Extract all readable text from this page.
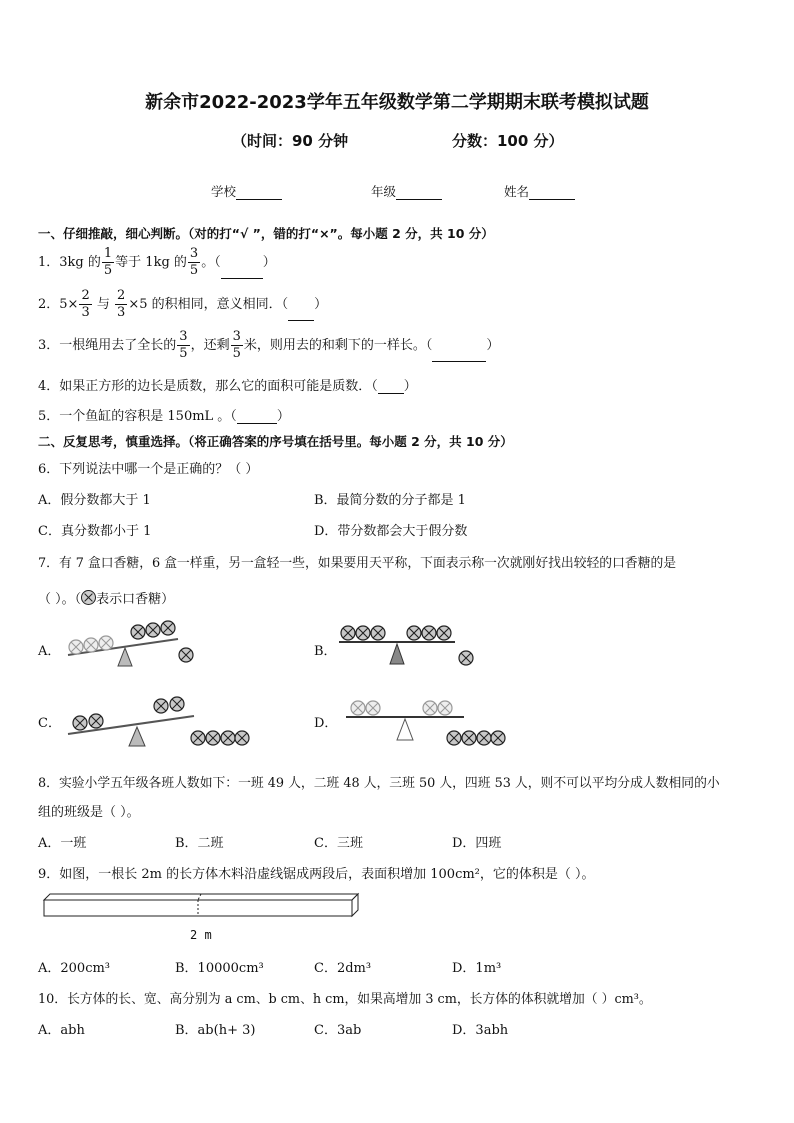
新余市2022-2023学年五年级数学第二学期期末联考模拟试题
（时间：90 分钟	分数：100 分）
学校	年级	姓名
一、仔细推敲，细心判断。（对的打“√ ”，错的打“×”。每小题 2 分，共 10 分）
1．3kg 的 $\frac{1}{5}$ 等于 1kg 的 $\frac{3}{5}$ 。（	）
2．$5\times \frac{2}{3}$ 与 $\frac{2}{3} \times 5$ 的积相同，意义相同．（ ）
3．一根绳用去了全长的 $\frac{3}{5}$ ，还剩 $\frac{3}{5}$ 米，则用去的和剩下的一样长。（	）
4．如果正方形的边长是质数，那么它的面积可能是质数．（ ）
5．一个鱼缸的容积是 150mL 。（	）
二、反复思考，慎重选择。（将正确答案的序号填在括号里。每小题 2 分，共 10 分）
6．下列说法中哪一个是正确的？（ ）
A．假分数都大于 1	B．最简分数的分子都是 1
C．真分数都小于 1	D．带分数都会大于假分数
7．有 7 盒口香糖，6 盒一样重，另一盒轻一些，如果要用天平称，下面表示称一次就刚好找出较轻的口香糖的是
（ ）。（ 表示口香糖）
A．	B．
C．	D．
8．实验小学五年级各班人数如下：一班 49 人，二班 48 人，三班 50 人，四班 53 人，则不可以平均分成人数相同的小
组的班级是（ ）。
A．一班	B．二班	C．三班	D．四班
9．如图，一根长 2m 的长方体木料沿虚线锯成两段后，表面积增加 100cm²，它的体积是（ ）。
2 m
A．200cm³	B．10000cm³	C．2dm³	D．1m³
10．长方体的长、宽、高分别为 a cm、b cm、h cm，如果高增加 3 cm，长方体的体积就增加（ ）cm³。
A．abh	B．ab(h+ 3)	C．3ab	D．3abh
